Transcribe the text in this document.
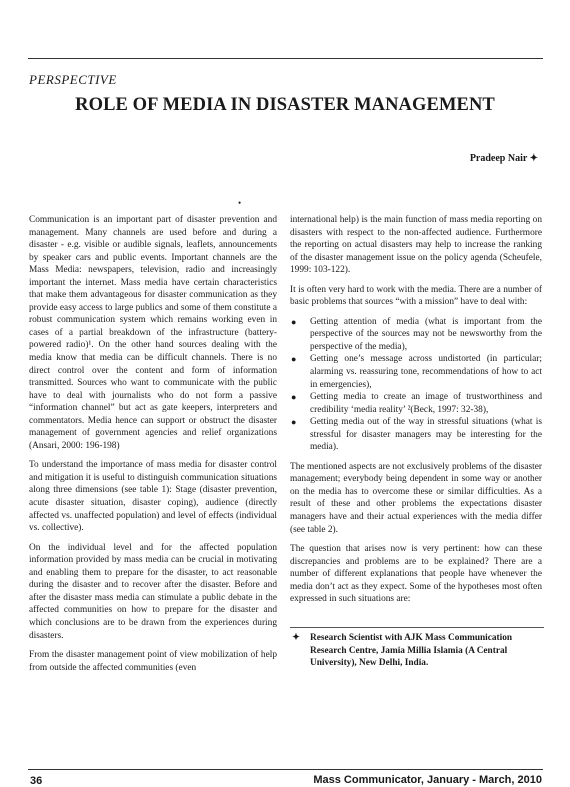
PERSPECTIVE
ROLE OF MEDIA IN DISASTER MANAGEMENT
Pradeep Nair ✦
•

Communication is an important part of disaster prevention and management. Many channels are used before and during a disaster - e.g. visible or audible signals, leaflets, announcements by speaker cars and public events. Important channels are the Mass Media: newspapers, television, radio and increasingly important the internet. Mass media have certain characteristics that make them advantageous for disaster communication as they provide easy access to large publics and some of them constitute a robust communication system which remains working even in cases of a partial breakdown of the infrastructure (battery-powered radio)¹. On the other hand sources dealing with the media know that media can be difficult channels. There is no direct control over the content and form of information transmitted. Sources who want to communicate with the public have to deal with journalists who do not form a passive “information channel” but act as gate keepers, interpreters and commentators. Media hence can support or obstruct the disaster management of government agencies and relief organizations (Ansari, 2000: 196-198)

To understand the importance of mass media for disaster control and mitigation it is useful to distinguish communication situations along three dimensions (see table 1): Stage (disaster prevention, acute disaster situation, disaster coping), audience (directly affected vs. unaffected population) and level of effects (individual vs. collective).

On the individual level and for the affected population information provided by mass media can be crucial in motivating and enabling them to prepare for the disaster, to act reasonable during the disaster and to recover after the disaster. Before and after the disaster mass media can stimulate a public debate in the affected communities on how to prepare for the disaster and which conclusions are to be drawn from the experiences during disasters.

From the disaster management point of view mobilization of help from outside the affected communities (even

international help) is the main function of mass media reporting on disasters with respect to the non-affected audience. Furthermore the reporting on actual disasters may help to increase the ranking of the disaster management issue on the policy agenda (Scheufele, 1999: 103-122).

It is often very hard to work with the media. There are a number of basic problems that sources “with a mission” have to deal with:

● Getting attention of media (what is important from the perspective of the sources may not be newsworthy from the perspective of the media),
● Getting one’s message across undistorted (in particular; alarming vs. reassuring tone, recommendations of how to act in emergencies),
● Getting media to create an image of trustworthiness and credibility ‘media reality’ ²(Beck, 1997: 32-38),
● Getting media out of the way in stressful situations (what is stressful for disaster managers may be interesting for the media).

The mentioned aspects are not exclusively problems of the disaster management; everybody being dependent in some way or another on the media has to overcome these or similar difficulties. As a result of these and other problems the expectations disaster managers have and their actual experiences with the media differ (see table 2).

The question that arises now is very pertinent: how can these discrepancies and problems are to be explained? There are a number of different explanations that people have whenever the media don’t act as they expect. Some of the hypotheses most often expressed in such situations are:

✦	Research Scientist with AJK Mass Communication Research Centre, Jamia Millia Islamia (A Central University), New Delhi, India.
36	Mass Communicator, January - March, 2010
